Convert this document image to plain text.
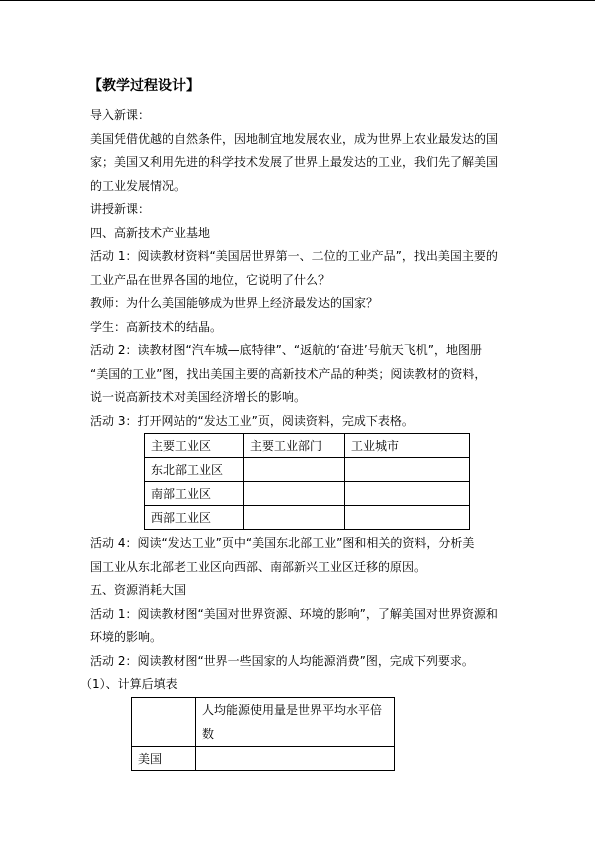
【教学过程设计】

导入新课：

美国凭借优越的自然条件，因地制宜地发展农业，成为世界上农业最发达的国

家；美国又利用先进的科学技术发展了世界上最发达的工业，我们先了解美国

的工业发展情况。

讲授新课：

四、高新技术产业基地

活动 1：阅读教材资料“美国居世界第一、二位的工业产品”，找出美国主要的

工业产品在世界各国的地位，它说明了什么？

教师：为什么美国能够成为世界上经济最发达的国家？

学生：高新技术的结晶。

活动 2：读教材图“汽车城—底特律”、“返航的‘奋进’号航天飞机”，地图册

“美国的工业”图，找出美国主要的高新技术产品的种类；阅读教材的资料，

说一说高新技术对美国经济增长的影响。

活动 3：打开网站的“发达工业”页，阅读资料，完成下表格。

主要工业区	主要工业部门	工业城市
东北部工业区		
南部工业区		
西部工业区		

活动 4：阅读“发达工业”页中“美国东北部工业”图和相关的资料，分析美

国工业从东北部老工业区向西部、南部新兴工业区迁移的原因。

五、资源消耗大国

活动 1：阅读教材图“美国对世界资源、环境的影响”，了解美国对世界资源和

环境的影响。

活动 2：阅读教材图“世界一些国家的人均能源消费”图，完成下列要求。

（1）、计算后填表

	人均能源使用量是世界平均水平倍
数
美国	
